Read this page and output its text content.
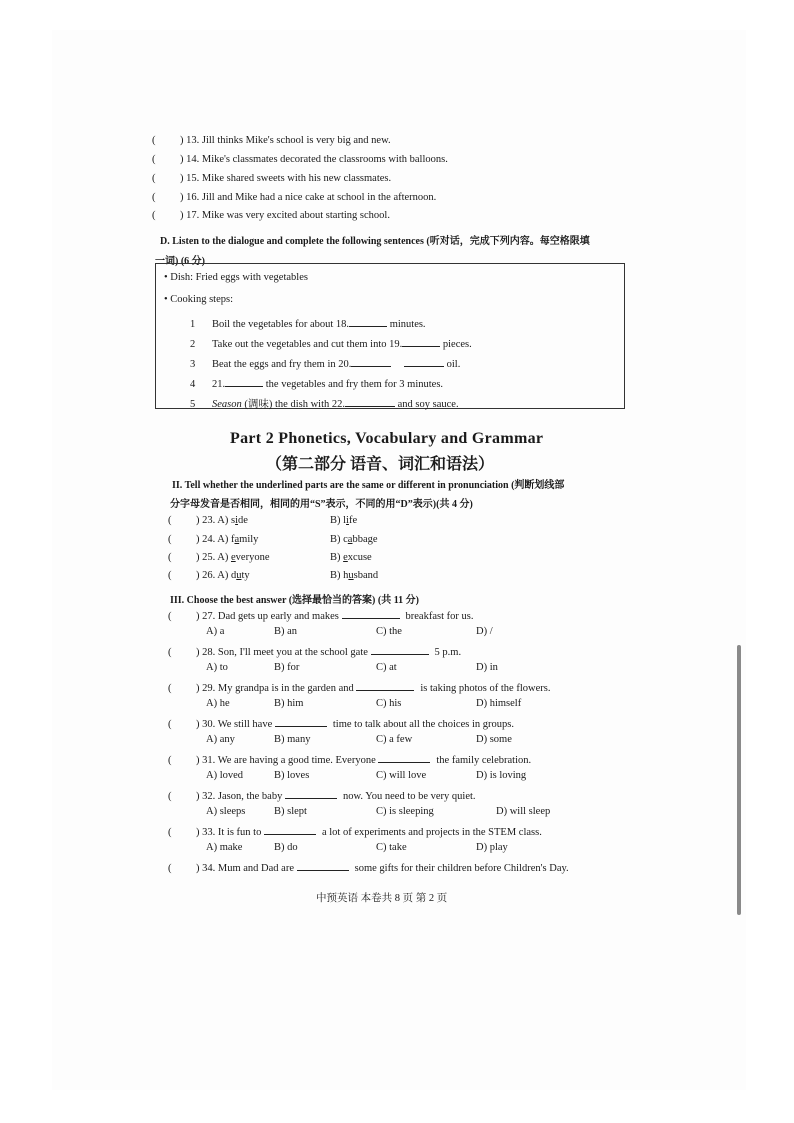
( ) 13. Jill thinks Mike's school is very big and new.
( ) 14. Mike's classmates decorated the classrooms with balloons.
( ) 15. Mike shared sweets with his new classmates.
( ) 16. Jill and Mike had a nice cake at school in the afternoon.
( ) 17. Mike was very excited about starting school.
D. Listen to the dialogue and complete the following sentences (听对话，完成下列内容。每空格限填
一词) (6 分)
• Dish: Fried eggs with vegetables
• Cooking steps:
1 Boil the vegetables for about 18.	minutes.
2 Take out the vegetables and cut them into 19.	pieces.
3 Beat the eggs and fry them in 20.	oil.
4 21.	the vegetables and fry them for 3 minutes.
5 Season (调味) the dish with 22.	and soy sauce.
Part 2 Phonetics, Vocabulary and Grammar
（第二部分 语音、词汇和语法）
II. Tell whether the underlined parts are the same or different in pronunciation (判断划线部
分字母发音是否相同，相同的用“S”表示，不同的用“D”表示)(共 4 分)
( ) 23. A) side	B) life
( ) 24. A) family	B) cabbage
( ) 25. A) everyone	B) excuse
( ) 26. A) duty	B) husband
III. Choose the best answer (选择最恰当的答案) (共 11 分)
( ) 27. Dad gets up early and makes	breakfast for us.
A) a	B) an	C) the	D) /
( ) 28. Son, I'll meet you at the school gate	5 p.m.
A) to	B) for	C) at	D) in
( ) 29. My grandpa is in the garden and	is taking photos of the flowers.
A) he	B) him	C) his	D) himself
( ) 30. We still have	time to talk about all the choices in groups.
A) any	B) many	C) a few	D) some
( ) 31. We are having a good time. Everyone	the family celebration.
A) loved	B) loves	C) will love	D) is loving
( ) 32. Jason, the baby	now. You need to be very quiet.
A) sleeps	B) slept	C) is sleeping	D) will sleep
( ) 33. It is fun to	a lot of experiments and projects in the STEM class.
A) make	B) do	C) take	D) play
( ) 34. Mum and Dad are	some gifts for their children before Children's Day.
中预英语 本卷共 8 页 第 2 页
